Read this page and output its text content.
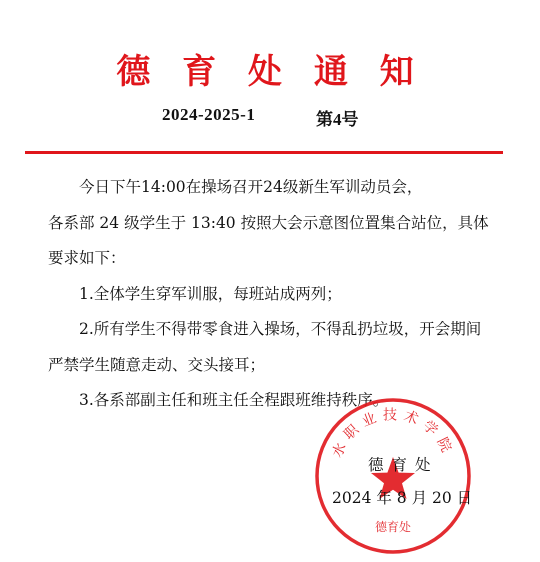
德 育 处 通 知
2024-2025-1	第4号

今日下午14:00在操场召开24级新生军训动员会，

各系部 24 级学生于 13:40 按照大会示意图位置集合站位，具体要求如下：

1.全体学生穿军训服，每班站成两列；

2.所有学生不得带零食进入操场，不得乱扔垃圾，开会期间严禁学生随意走动、交头接耳；

3.各系部副主任和班主任全程跟班维持秩序。

水职业技术学院
德育处
德育处
2024 年 8 月 20 日
